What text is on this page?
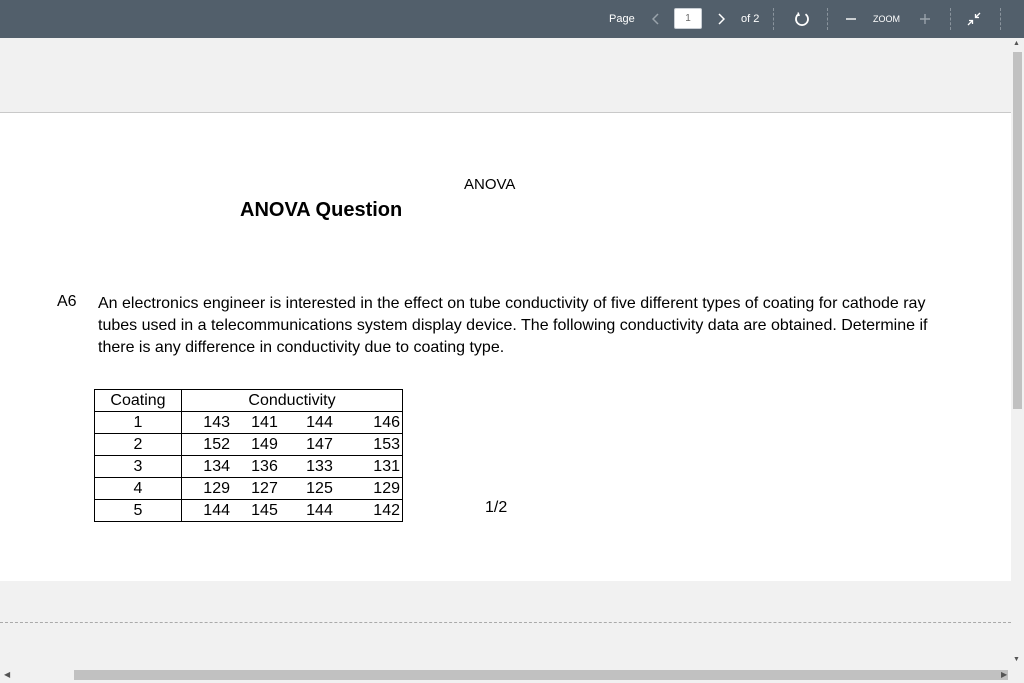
Page	1	of 2	ZOOM
ANOVA
ANOVA Question
A6 An electronics engineer is interested in the effect on tube conductivity of five different types of coating for cathode ray tubes used in a telecommunications system display device. The following conductivity data are obtained. Determine if there is any difference in conductivity due to coating type.
Coating	Conductivity			
1	143	141	144	146
2	152	149	147	153
3	134	136	133	131
4	129	127	125	129
5	144	145	144	142	1/2
▲
▼
◀	▶
